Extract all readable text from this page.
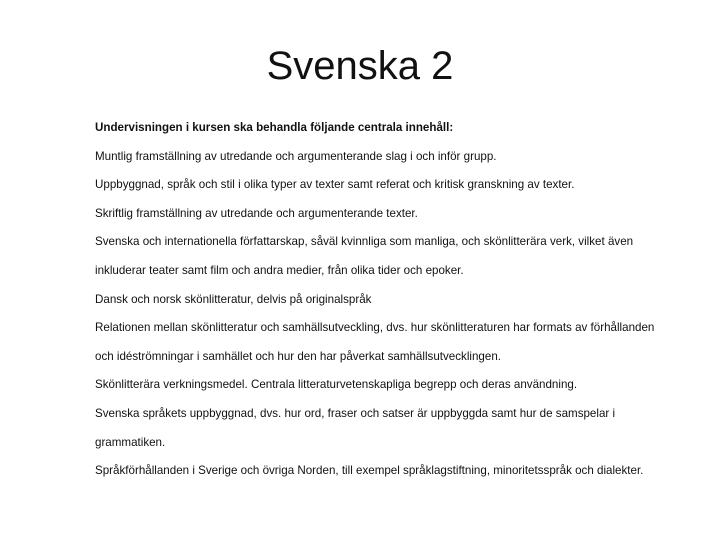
Svenska 2
Undervisningen i kursen ska behandla följande centrala innehåll:
Muntlig framställning av utredande och argumenterande slag i och inför grupp.
Uppbyggnad, språk och stil i olika typer av texter samt referat och kritisk granskning av texter.
Skriftlig framställning av utredande och argumenterande texter.
Svenska och internationella författarskap, såväl kvinnliga som manliga, och skönlitterära verk, vilket även
inkluderar teater samt film och andra medier, från olika tider och epoker.
Dansk och norsk skönlitteratur, delvis på originalspråk
Relationen mellan skönlitteratur och samhällsutveckling, dvs. hur skönlitteraturen har formats av förhållanden
och idéströmningar i samhället och hur den har påverkat samhällsutvecklingen.
Skönlitterära verkningsmedel. Centrala litteraturvetenskapliga begrepp och deras användning.
Svenska språkets uppbyggnad, dvs. hur ord, fraser och satser är uppbyggda samt hur de samspelar i
grammatiken.
Språkförhållanden i Sverige och övriga Norden, till exempel språklagstiftning, minoritetsspråk och dialekter.
